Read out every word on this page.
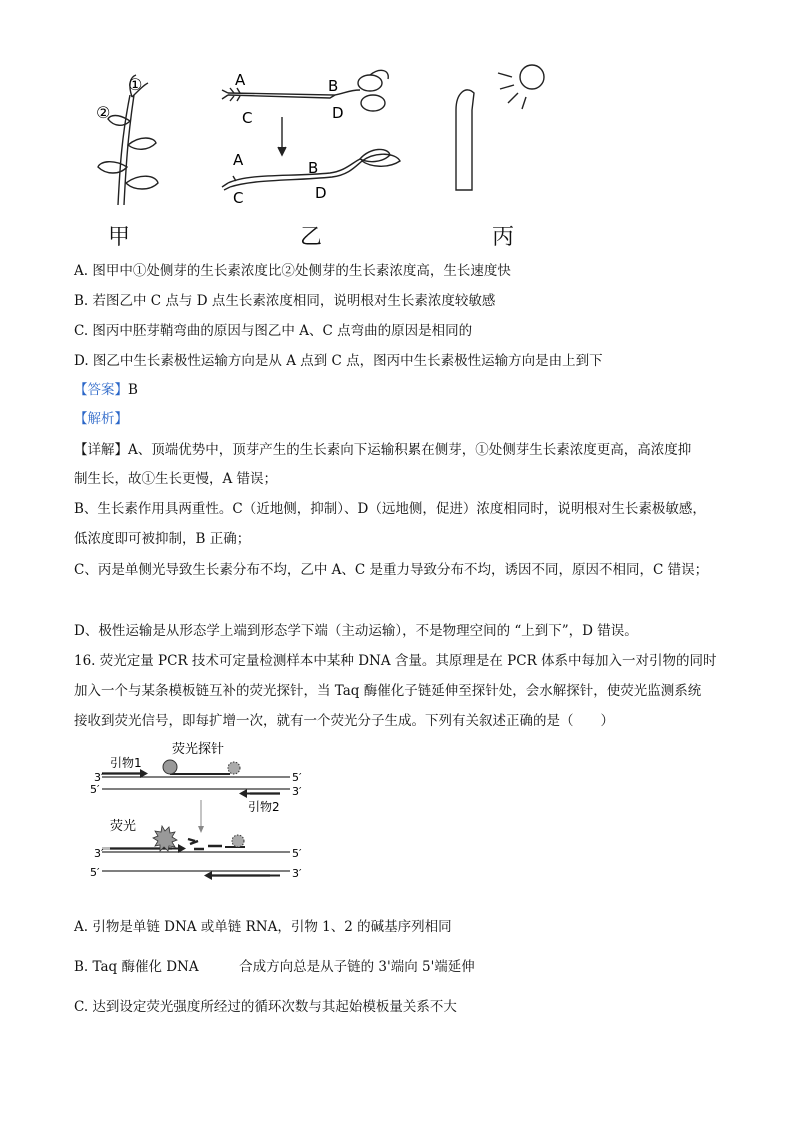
①
②
A	B
C	D
A	B
C	D
甲	乙	丙
A. 图甲中①处侧芽的生长素浓度比②处侧芽的生长素浓度高，生长速度快
B. 若图乙中 C 点与 D 点生长素浓度相同，说明根对生长素浓度较敏感
C. 图丙中胚芽鞘弯曲的原因与图乙中 A、C 点弯曲的原因是相同的
D. 图乙中生长素极性运输方向是从 A 点到 C 点，图丙中生长素极性运输方向是由上到下
【答案】B
【解析】
【详解】A、顶端优势中，顶芽产生的生长素向下运输积累在侧芽，①处侧芽生长素浓度更高，高浓度抑
制生长，故①生长更慢，A 错误；
B、生长素作用具两重性。C（近地侧，抑制）、D（远地侧，促进）浓度相同时，说明根对生长素极敏感，
低浓度即可被抑制，B 正确；
C、丙是单侧光导致生长素分布不均，乙中 A、C 是重力导致分布不均，诱因不同，原因不相同，C 错误；
D、极性运输是从形态学上端到形态学下端（主动运输），不是物理空间的 “上到下”，D 错误。
16. 荧光定量 PCR 技术可定量检测样本中某种 DNA 含量。其原理是在 PCR 体系中每加入一对引物的同时
加入一个与某条模板链互补的荧光探针，当 Taq 酶催化子链延伸至探针处，会水解探针，使荧光监测系统
接收到荧光信号，即每扩增一次，就有一个荧光分子生成。下列有关叙述正确的是（　　）
3′	5′
5′	3′
引物1
荧光探针
引物2
3′	5′
5′	3′
荧光
A. 引物是单链 DNA 或单链 RNA，引物 1、2 的碱基序列相同
B. Taq 酶催化 DNA　　　合成方向总是从子链的 3'端向 5'端延伸
C. 达到设定荧光强度所经过的循环次数与其起始模板量关系不大
